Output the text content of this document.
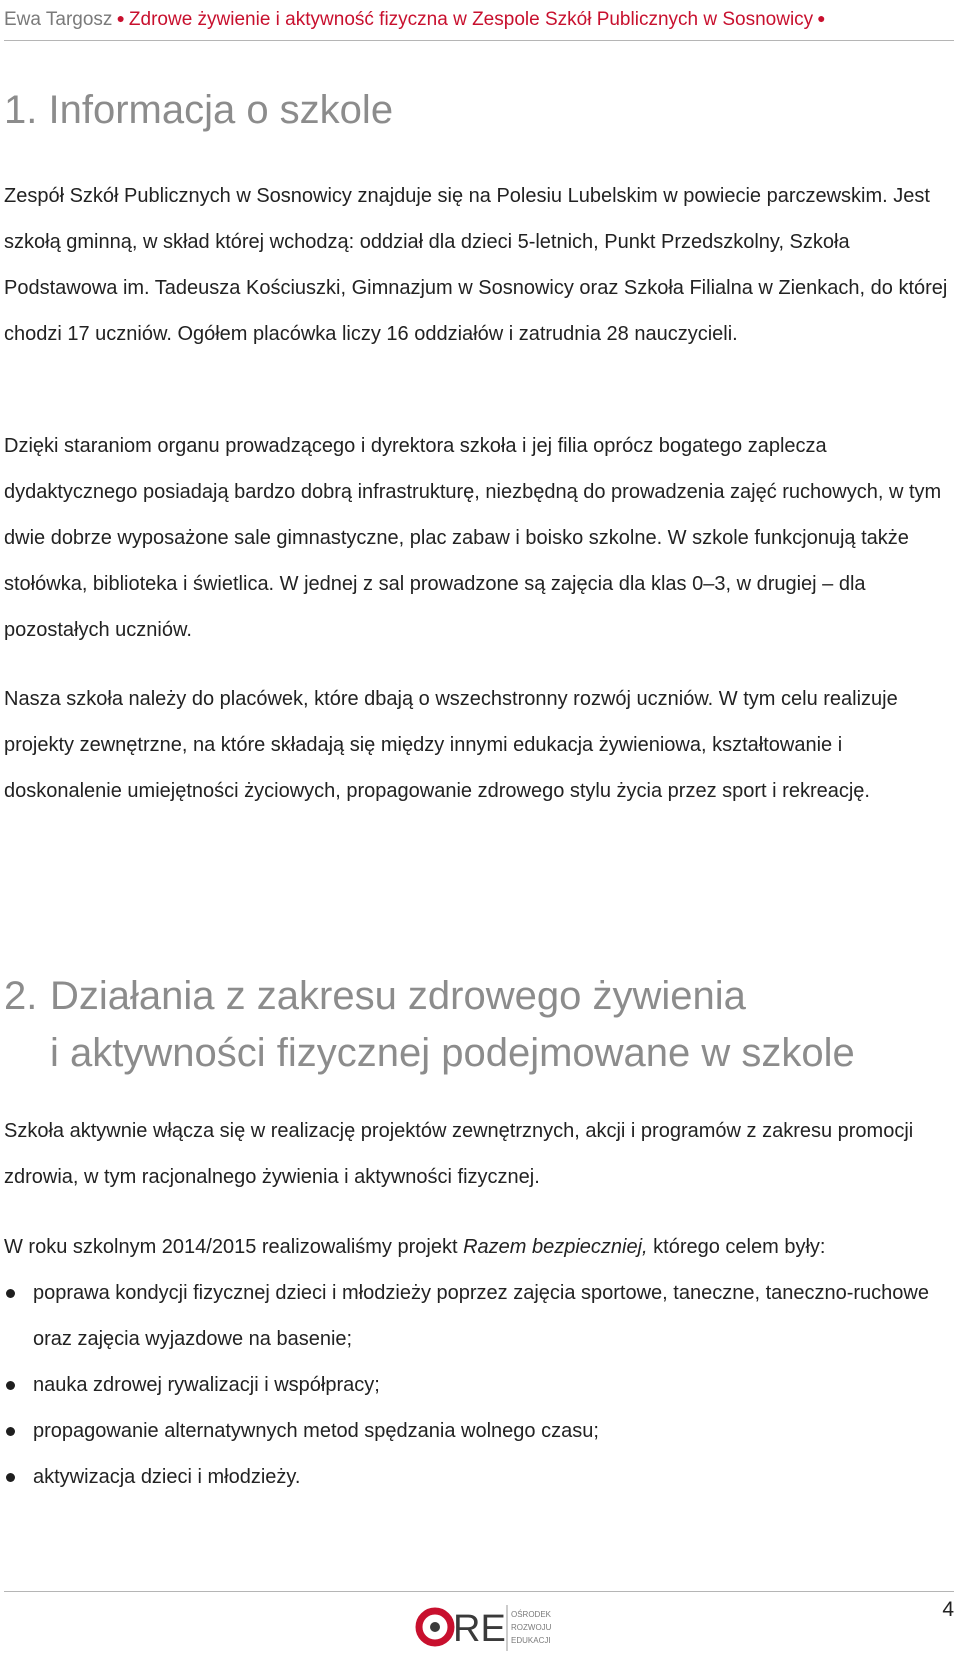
Ewa Targosz ● Zdrowe żywienie i aktywność fizyczna w Zespole Szkół Publicznych w Sosnowicy ●
1. Informacja o szkole

Zespół Szkół Publicznych w Sosnowicy znajduje się na Polesiu Lubelskim w powiecie parczewskim. Jest szkołą gminną, w skład której wchodzą: oddział dla dzieci 5-letnich, Punkt Przedszkolny, Szkoła Podstawowa im. Tadeusza Kościuszki, Gimnazjum w Sosnowicy oraz Szkoła Filialna w Zienkach, do której chodzi 17 uczniów. Ogółem placówka liczy 16 oddziałów i zatrudnia 28 nauczycieli.

Dzięki staraniom organu prowadzącego i dyrektora szkoła i jej filia oprócz bogatego zaplecza dydaktycznego posiadają bardzo dobrą infrastrukturę, niezbędną do prowadzenia zajęć ruchowych, w tym dwie dobrze wyposażone sale gimnastyczne, plac zabaw i boisko szkolne. W szkole funkcjonują także stołówka, biblioteka i świetlica. W jednej z sal prowadzone są zajęcia dla klas 0–3, w drugiej – dla pozostałych uczniów.

Nasza szkoła należy do placówek, które dbają o wszechstronny rozwój uczniów. W tym celu realizuje projekty zewnętrzne, na które składają się między innymi edukacja żywieniowa, kształtowanie i doskonalenie umiejętności życiowych, propagowanie zdrowego stylu życia przez sport i rekreację.

2. Działania z zakresu zdrowego żywienia
i aktywności fizycznej podejmowane w szkole

Szkoła aktywnie włącza się w realizację projektów zewnętrznych, akcji i programów z zakresu promocji zdrowia, w tym racjonalnego żywienia i aktywności fizycznej.

W roku szkolnym 2014/2015 realizowaliśmy projekt Razem bezpieczniej, którego celem były:

poprawa kondycji fizycznej dzieci i młodzieży poprzez zajęcia sportowe, taneczne, taneczno-ruchowe oraz zajęcia wyjazdowe na basenie;
nauka zdrowej rywalizacji i współpracy;
propagowanie alternatywnych metod spędzania wolnego czasu;
aktywizacja dzieci i młodzieży.
RE OŚRODEK
ROZWOJU
EDUKACJI
4
